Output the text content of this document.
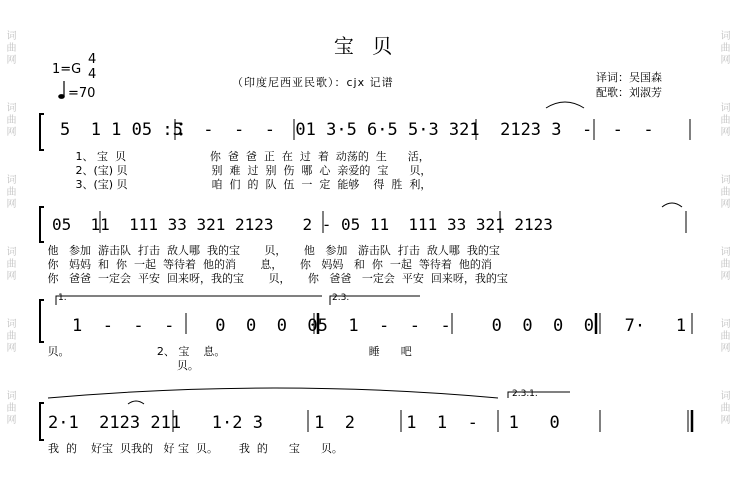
词曲网
词曲网
词曲网
词曲网
词曲网
词曲网
词曲网
词曲网
词曲网
词曲网
词曲网
词曲网
宝 贝
（印度尼西亚民歌）：cjx 记谱	译词：吴国森
配歌：刘淑芳
1=G
4
4
=70
5  1 1 05 :5  -  -  -  01 3·5 6·5 5·3 321  2123 3  -  -  -
1、 宝  贝                        你  爸  爸  正  在  过  着  动荡的  生      活，
2、(宝) 贝                        别  难  过  别  伤  哪  心  亲爱的  宝      贝，
3、(宝) 贝                        咱  们  的  队  伍  一  定  能够    得  胜  利，
05  11  111 33 321 2123   2 - 05 11  111 33 321 2123
他   参加  游击队  打击  敌人哪  我的宝       贝，     他   参加   游击队  打击  敌人哪  我的宝
你   妈妈  和  你  一起  等待着  他的消       息，     你   妈妈   和  你  一起  等待着  他的消
你   爸爸  一定会  平安  回来呀，我的宝       贝，     你   爸爸   一定会  平安  回来呀，我的宝
1.	2.3.
1  -  -  -    0  0  0  05  1  -  -  -    0  0  0  0   7·   1
贝。                         2、 宝    息。                                         睡      吧
贝。
2.3.1.
2·1  2123 211   1·2 3     1  2     1  1  -   1   0
我  的    好宝  贝我的   好 宝  贝。      我  的      宝      贝。
